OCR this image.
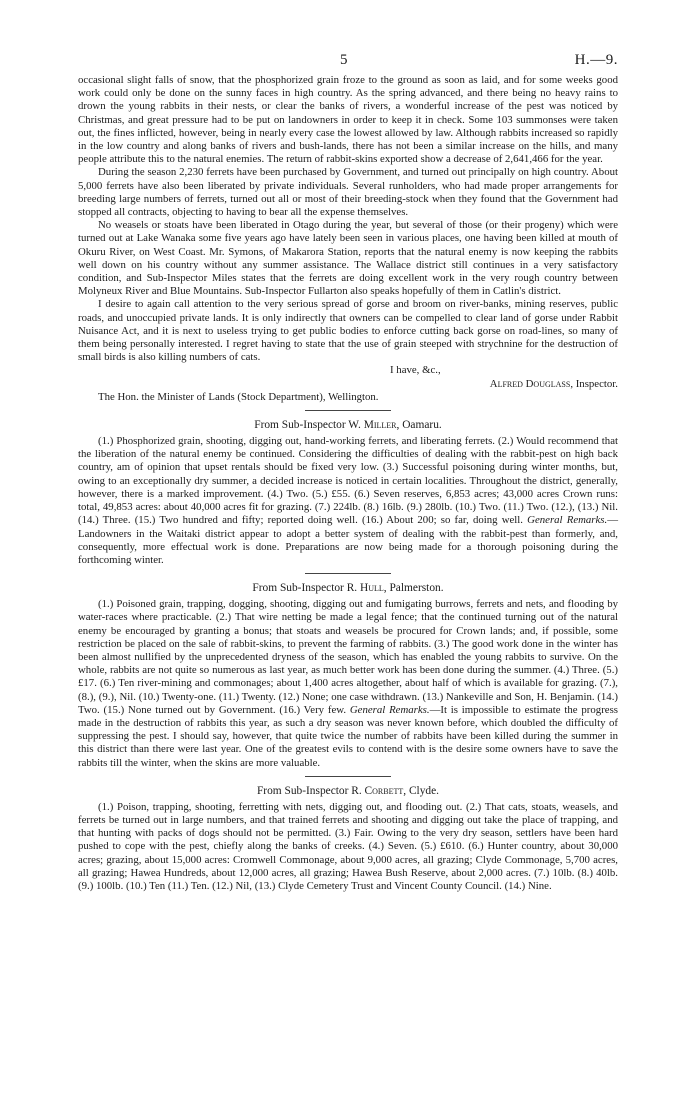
5	H.—9.

occasional slight falls of snow, that the phosphorized grain froze to the ground as soon as laid, and for some weeks good work could only be done on the sunny faces in high country. As the spring advanced, and there being no heavy rains to drown the young rabbits in their nests, or clear the banks of rivers, a wonderful increase of the pest was noticed by Christmas, and great pressure had to be put on landowners in order to keep it in check. Some 103 summonses were taken out, the fines inflicted, however, being in nearly every case the lowest allowed by law. Although rabbits increased so rapidly in the low country and along banks of rivers and bush-lands, there has not been a similar increase on the hills, and many people attribute this to the natural enemies. The return of rabbit-skins exported show a decrease of 2,641,466 for the year.

During the season 2,230 ferrets have been purchased by Government, and turned out principally on high country. About 5,000 ferrets have also been liberated by private individuals. Several runholders, who had made proper arrangements for breeding large numbers of ferrets, turned out all or most of their breeding-stock when they found that the Government had stopped all contracts, objecting to having to bear all the expense themselves.

No weasels or stoats have been liberated in Otago during the year, but several of those (or their progeny) which were turned out at Lake Wanaka some five years ago have lately been seen in various places, one having been killed at mouth of Okuru River, on West Coast. Mr. Symons, of Makarora Station, reports that the natural enemy is now keeping the rabbits well down on his country without any summer assistance. The Wallace district still continues in a very satisfactory condition, and Sub-Inspector Miles states that the ferrets are doing excellent work in the very rough country between Molyneux River and Blue Mountains. Sub-Inspector Fullarton also speaks hopefully of them in Catlin's district.

I desire to again call attention to the very serious spread of gorse and broom on river-banks, mining reserves, public roads, and unoccupied private lands. It is only indirectly that owners can be compelled to clear land of gorse under Rabbit Nuisance Act, and it is next to useless trying to get public bodies to enforce cutting back gorse on road-lines, so many of them being personally interested. I regret having to state that the use of grain steeped with strychnine for the destruction of small birds is also killing numbers of cats.

I have, &c.,
Alfred Douglass, Inspector.
The Hon. the Minister of Lands (Stock Department), Wellington.
From Sub-Inspector W. Miller, Oamaru.

(1.) Phosphorized grain, shooting, digging out, hand-working ferrets, and liberating ferrets. (2.) Would recommend that the liberation of the natural enemy be continued. Considering the difficulties of dealing with the rabbit-pest on high back country, am of opinion that upset rentals should be fixed very low. (3.) Successful poisoning during winter months, but, owing to an exceptionally dry summer, a decided increase is noticed in certain localities. Throughout the district, generally, however, there is a marked improvement. (4.) Two. (5.) £55. (6.) Seven reserves, 6,853 acres; 43,000 acres Crown runs: total, 49,853 acres: about 40,000 acres fit for grazing. (7.) 224lb. (8.) 16lb. (9.) 280lb. (10.) Two. (11.) Two. (12.), (13.) Nil. (14.) Three. (15.) Two hundred and fifty; reported doing well. (16.) About 200; so far, doing well. General Remarks.—Landowners in the Waitaki district appear to adopt a better system of dealing with the rabbit-pest than formerly, and, consequently, more effectual work is done. Preparations are now being made for a thorough poisoning during the forthcoming winter.

From Sub-Inspector R. Hull, Palmerston.

(1.) Poisoned grain, trapping, dogging, shooting, digging out and fumigating burrows, ferrets and nets, and flooding by water-races where practicable. (2.) That wire netting be made a legal fence; that the continued turning out of the natural enemy be encouraged by granting a bonus; that stoats and weasels be procured for Crown lands; and, if possible, some restriction be placed on the sale of rabbit-skins, to prevent the farming of rabbits. (3.) The good work done in the winter has been almost nullified by the unprecedented dryness of the season, which has enabled the young rabbits to survive. On the whole, rabbits are not quite so numerous as last year, as much better work has been done during the summer. (4.) Three. (5.) £17. (6.) Ten river-mining and commonages; about 1,400 acres altogether, about half of which is available for grazing. (7.), (8.), (9.), Nil. (10.) Twenty-one. (11.) Twenty. (12.) None; one case withdrawn. (13.) Nankeville and Son, H. Benjamin. (14.) Two. (15.) None turned out by Government. (16.) Very few. General Remarks.—It is impossible to estimate the progress made in the destruction of rabbits this year, as such a dry season was never known before, which doubled the difficulty of suppressing the pest. I should say, however, that quite twice the number of rabbits have been killed during the summer in this district than there were last year. One of the greatest evils to contend with is the desire some owners have to save the rabbits till the winter, when the skins are more valuable.

From Sub-Inspector R. Corbett, Clyde.

(1.) Poison, trapping, shooting, ferretting with nets, digging out, and flooding out. (2.) That cats, stoats, weasels, and ferrets be turned out in large numbers, and that trained ferrets and shooting and digging out take the place of trapping, and that hunting with packs of dogs should not be permitted. (3.) Fair. Owing to the very dry season, settlers have been hard pushed to cope with the pest, chiefly along the banks of creeks. (4.) Seven. (5.) £610. (6.) Hunter country, about 30,000 acres; grazing, about 15,000 acres: Cromwell Commonage, about 9,000 acres, all grazing; Clyde Commonage, 5,700 acres, all grazing; Hawea Hundreds, about 12,000 acres, all grazing; Hawea Bush Reserve, about 2,000 acres. (7.) 10lb. (8.) 40lb. (9.) 100lb. (10.) Ten (11.) Ten. (12.) Nil, (13.) Clyde Cemetery Trust and Vincent County Council. (14.) Nine.
